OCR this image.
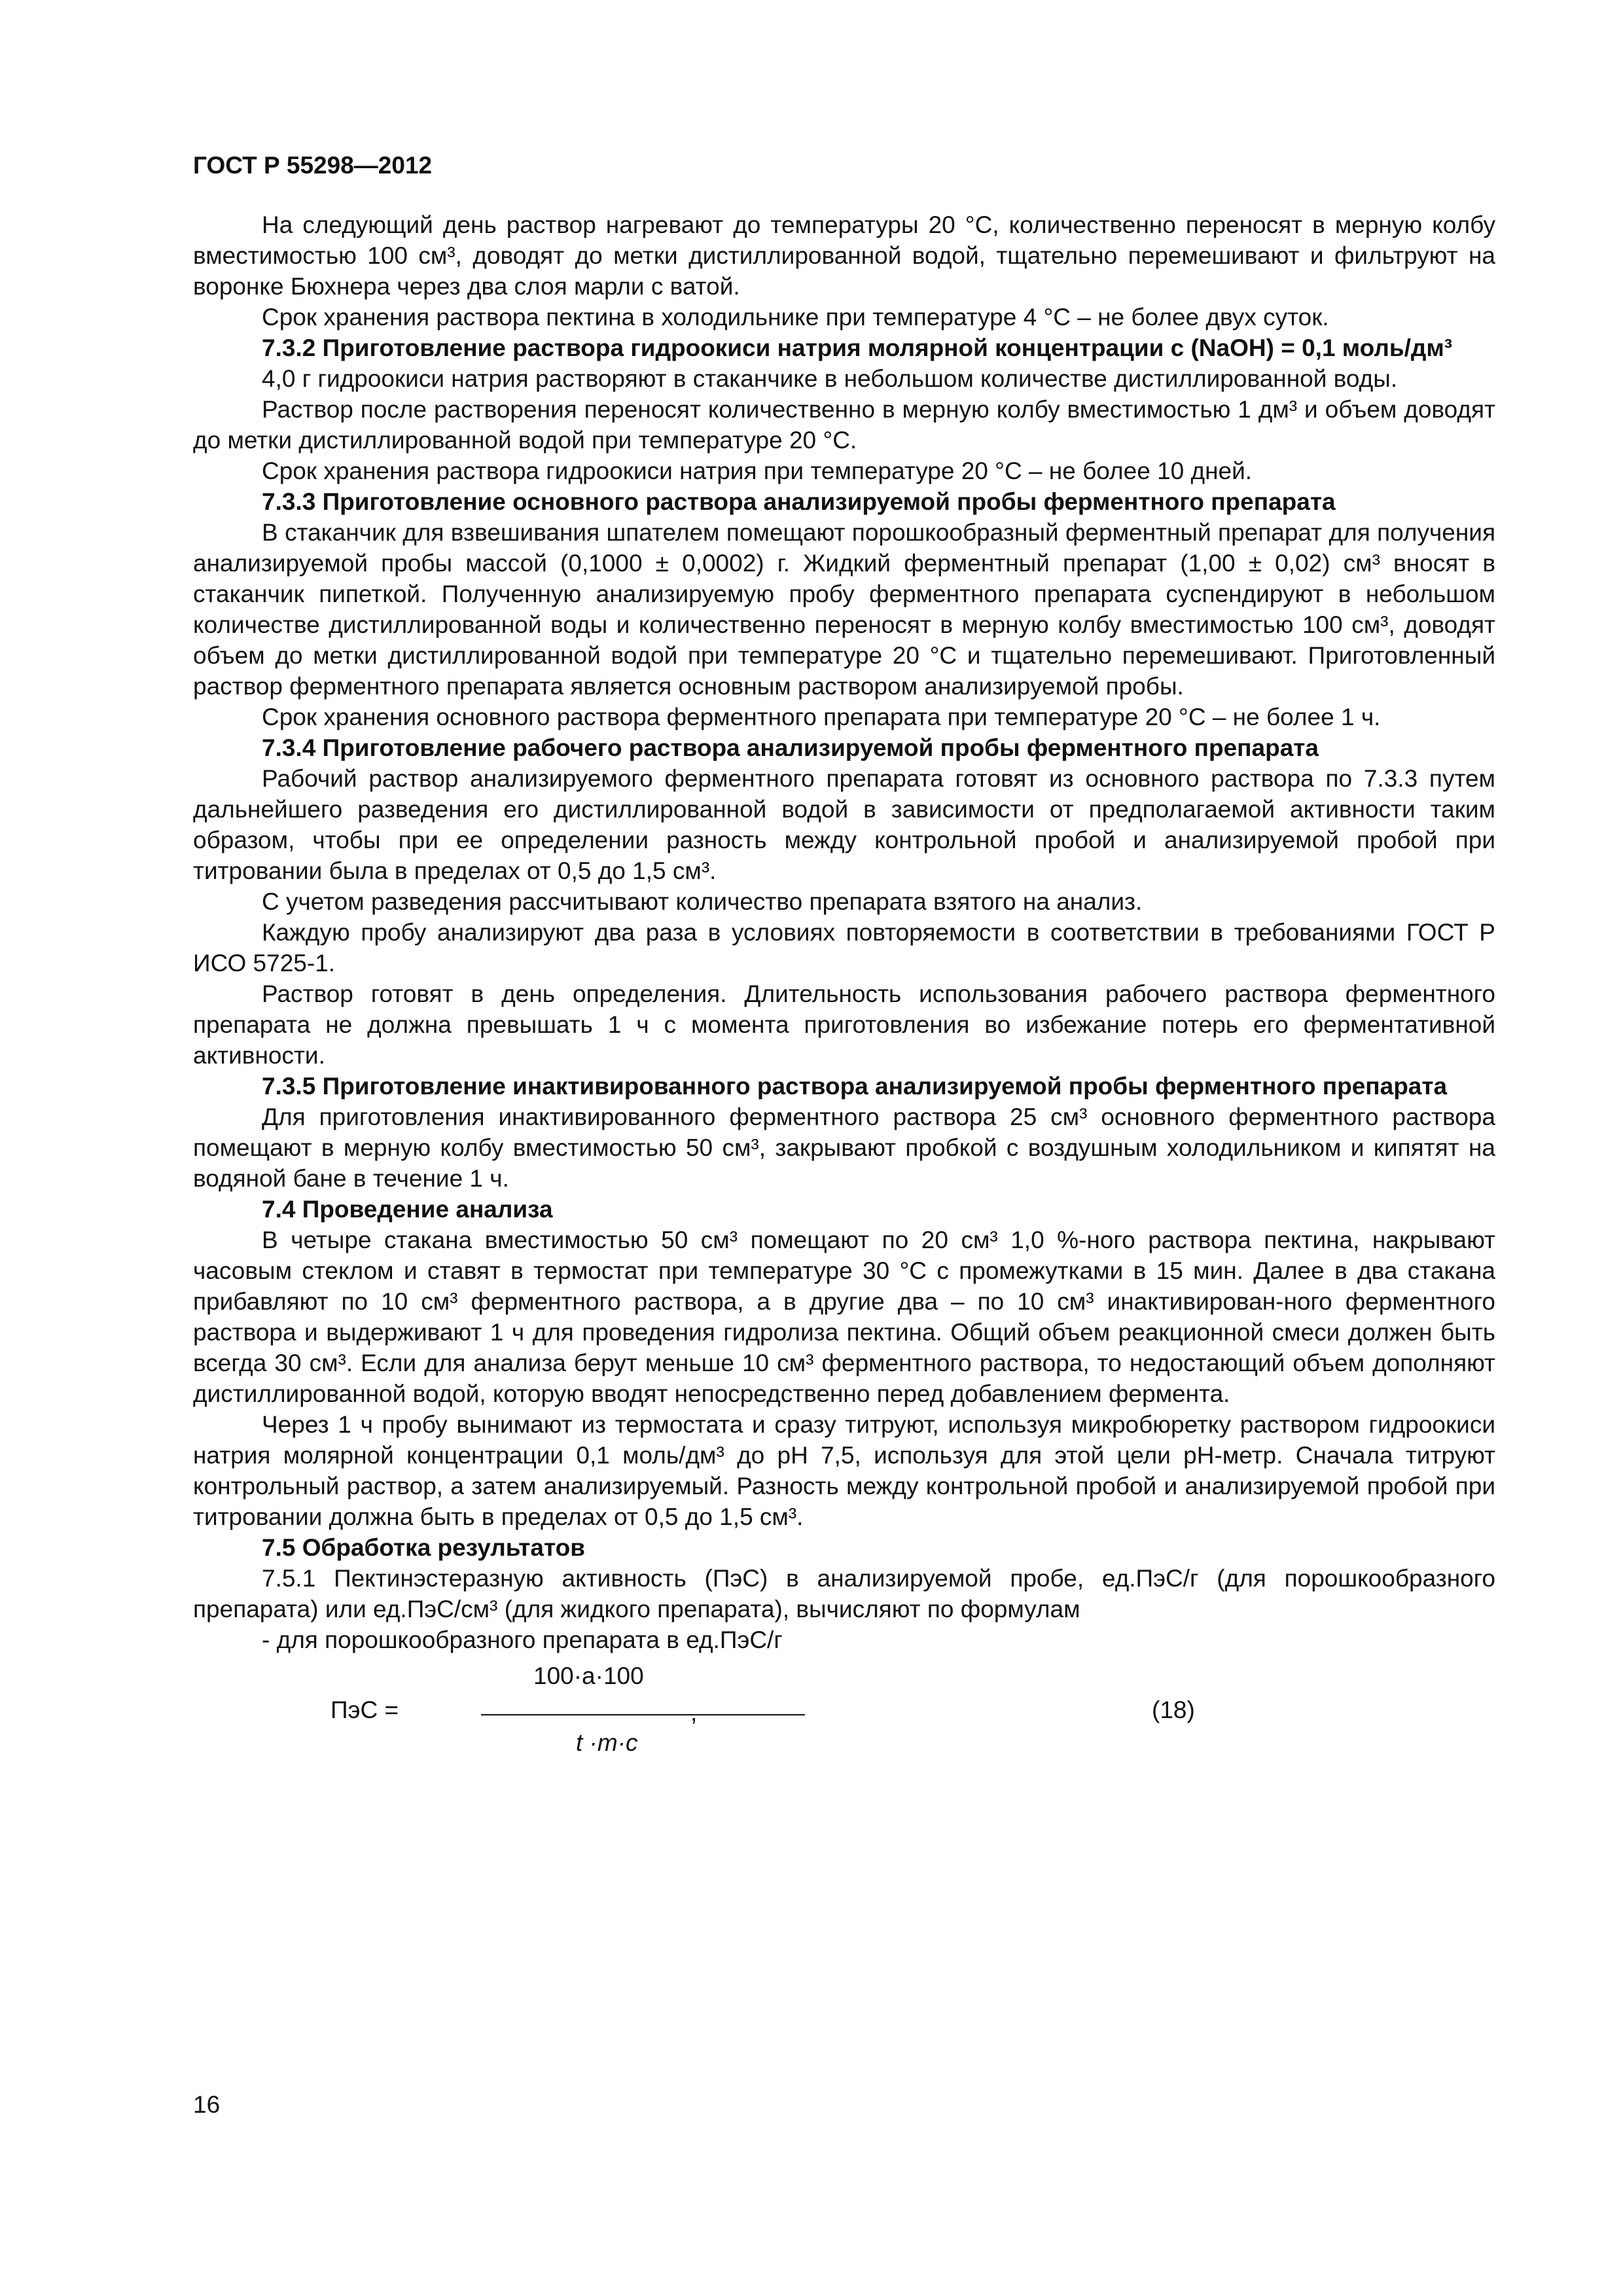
ГОСТ Р 55298—2012

На следующий день раствор нагревают до температуры 20 °С, количественно переносят в мерную колбу вместимостью 100 см³, доводят до метки дистиллированной водой, тщательно перемешивают и фильтруют на воронке Бюхнера через два слоя марли с ватой.

Срок хранения раствора пектина в холодильнике при температуре 4 °С – не более двух суток.

7.3.2 Приготовление раствора гидроокиси натрия молярной концентрации c (NaOH) = 0,1 моль/дм³

4,0 г гидроокиси натрия растворяют в стаканчике в небольшом количестве дистиллированной воды.

Раствор после растворения переносят количественно в мерную колбу вместимостью 1 дм³ и объем доводят до метки дистиллированной водой при температуре 20 °С.

Срок хранения раствора гидроокиси натрия при температуре 20 °С – не более 10 дней.

7.3.3 Приготовление основного раствора анализируемой пробы ферментного препарата

В стаканчик для взвешивания шпателем помещают порошкообразный ферментный препарат для получения анализируемой пробы массой (0,1000 ± 0,0002) г. Жидкий ферментный препарат (1,00 ± 0,02) см³ вносят в стаканчик пипеткой. Полученную анализируемую пробу ферментного препарата суспендируют в небольшом количестве дистиллированной воды и количественно переносят в мерную колбу вместимостью 100 см³, доводят объем до метки дистиллированной водой при температуре 20 °С и тщательно перемешивают. Приготовленный раствор ферментного препарата является основным раствором анализируемой пробы.

Срок хранения основного раствора ферментного препарата при температуре 20 °С – не более 1 ч.

7.3.4 Приготовление рабочего раствора анализируемой пробы ферментного препарата

Рабочий раствор анализируемого ферментного препарата готовят из основного раствора по 7.3.3 путем дальнейшего разведения его дистиллированной водой в зависимости от предполагаемой активности таким образом, чтобы при ее определении разность между контрольной пробой и анализируемой пробой при титровании была в пределах от 0,5 до 1,5 см³.

С учетом разведения рассчитывают количество препарата взятого на анализ.

Каждую пробу анализируют два раза в условиях повторяемости в соответствии в требованиями ГОСТ Р ИСО 5725-1.

Раствор готовят в день определения. Длительность использования рабочего раствора ферментного препарата не должна превышать 1 ч с момента приготовления во избежание потерь его ферментативной активности.

7.3.5 Приготовление инактивированного раствора анализируемой пробы ферментного препарата

Для приготовления инактивированного ферментного раствора 25 см³ основного ферментного раствора помещают в мерную колбу вместимостью 50 см³, закрывают пробкой с воздушным холодильником и кипятят на водяной бане в течение 1 ч.

7.4 Проведение анализа

В четыре стакана вместимостью 50 см³ помещают по 20 см³ 1,0 %-ного раствора пектина, накрывают часовым стеклом и ставят в термостат при температуре 30 °С с промежутками в 15 мин. Далее в два стакана прибавляют по 10 см³ ферментного раствора, а в другие два – по 10 см³ инактивирован-ного ферментного раствора и выдерживают 1 ч для проведения гидролиза пектина. Общий объем реакционной смеси должен быть всегда 30 см³. Если для анализа берут меньше 10 см³ ферментного раствора, то недостающий объем дополняют дистиллированной водой, которую вводят непосредственно перед добавлением фермента.

Через 1 ч пробу вынимают из термостата и сразу титруют, используя микробюретку раствором гидроокиси натрия молярной концентрации 0,1 моль/дм³ до рН 7,5, используя для этой цели рН-метр. Сначала титруют контрольный раствор, а затем анализируемый. Разность между контрольной пробой и анализируемой пробой при титровании должна быть в пределах от 0,5 до 1,5 см³.

7.5 Обработка результатов

7.5.1 Пектинэстеразную активность (ПэС) в анализируемой пробе, ед.ПэС/г (для порошкообразного препарата) или ед.ПэС/см³ (для жидкого препарата), вычисляют по формулам

- для порошкообразного препарата в ед.ПэС/г

100·a·100
ПэС =	,
t ·m·c
(18)
16
